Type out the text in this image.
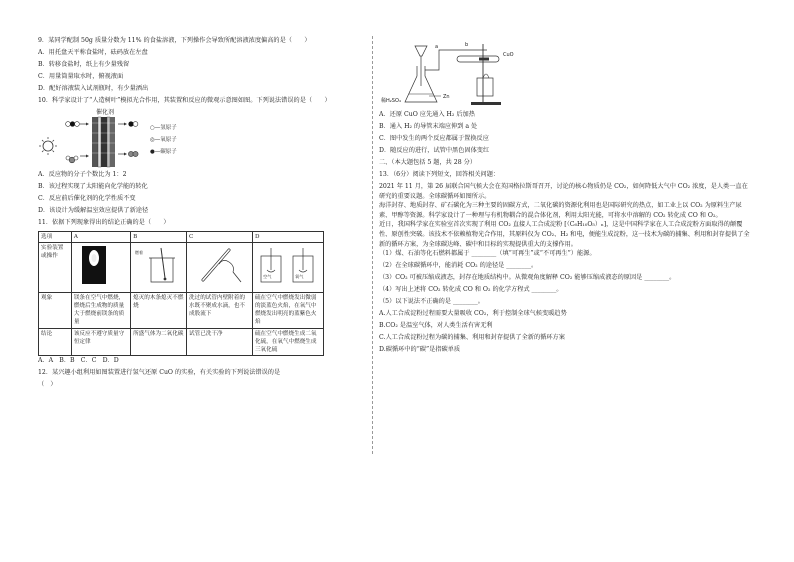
9．某同学配制 50g 质量分数为 11% 的食盐溶液，下列操作会导致所配溶液浓度偏高的是（　　）
A．用托盘天平称食盐时，砝码放在左盘
B．转移食盐时，纸上有少量残留
C．用量筒量取水时，俯视液面
D．配好溶液装入试剂瓶时，有少量洒出
10．科学家设计了“人造树叶”模拟光合作用，其装置和反应的微观示意图如图。下列说法错误的是（　　）
催化剂
○—氢原子
◎—氧原子
●—碳原子
A．反应物的分子个数比为 1：2
B．该过程实现了太阳能向化学能的转化
C．反应前后催化剂的化学性质不变
D．该设计为缓解温室效应提供了新途径
11．依据下列现象得出的结论正确的是（　　）
选项	A	B	C	D
实验装置或操作		燃着		空气 氧气

观象	镁条在空气中燃烧，燃烧后生成物的质量大于燃烧前镁条的质量	熄灭的木条熄灭不燃烧	洗过的试管内壁附着的水既不聚成水滴，也不成股流下	硫在空气中燃烧发出微弱的淡蓝色火焰，在氧气中燃烧发出明亮的蓝紫色火焰
结论	该反应不遵守质量守恒定律	所盛气体为二氧化碳	试管已洗干净	硫在空气中燃烧生成二氧化硫，在氧气中燃烧生成三氧化硫
A．A　B．B　C．C　D．D
12．某兴趣小组利用如图装置进行氢气还原 CuO 的实验，有关实验的下列说法错误的是
（　）
a	b
CuO
稀H₂SO₄
Zn
A．还原 CuO 应先通入 H₂ 后加热
B．通入 H₂ 的导管末端应伸到 a 处
C．图中发生的两个反应都属于置换反应
D．随反应的进行，试管中黑色固体变红
二、（本大题包括 5 题，共 28 分）
13．（6分）阅读下列短文，回答相关问题：
2021 年 11 月，第 26 届联合国气候大会在英国格拉斯哥召开，讨论的核心物质仍是 CO₂，如何降低大气中 CO₂ 浓度，是人类一直在研究的重要议题。全球碳循环如图所示。
海洋封存、地质封存、矿石碳化为三种主要的固碳方式，二氧化碳的资源化利用也是国际研究的热点，如工业上以 CO₂ 为原料生产尿素、甲醇等资源。科学家设计了一种理与有机物耦合的混合体化剂，利用太阳光能，可将水中溶解的 CO₂ 转化成 CO 和 O₂。
近日，我国科学家在实验室首次实现了利用 CO₂ 直接人工合成淀粉 [（C₆H₁₀O₅）ₙ]，这是中国科学家在人工合成淀粉方面取得的颠覆性、原创性突破。该技术不依赖植物光合作用，其原料仅为 CO₂、H₂ 和电，便能生成淀粉，这一技术为碳的捕集、利用和封存提供了全新的循环方案，为全球碳达峰、碳中和目标的实现提供重大的支撑作用。
（1）煤、石油等化石燃料都属于 ________（填“可再生”或“不可再生”）能源。
（2）在全球碳循环中，能消耗 CO₂ 的途径是 ________。
（3）CO₂ 可被压缩成液态，封存在地质结构中。从微观角度解释 CO₂ 能够压缩成液态的原因是 ________。
（4）写出上述将 CO₂ 转化成 CO 和 O₂ 的化学方程式 ________。
（5）以下说法不正确的是 ________。
A.人工合成淀粉过程需要大量吸收 CO₂，利于控制全球气候变暖趋势
B.CO₂ 是温室气体，对人类生活有害无利
C.人工合成淀粉过程为碳的捕集、利用和封存提供了全新的循环方案
D.碳循环中的“碳”是指碳单质
